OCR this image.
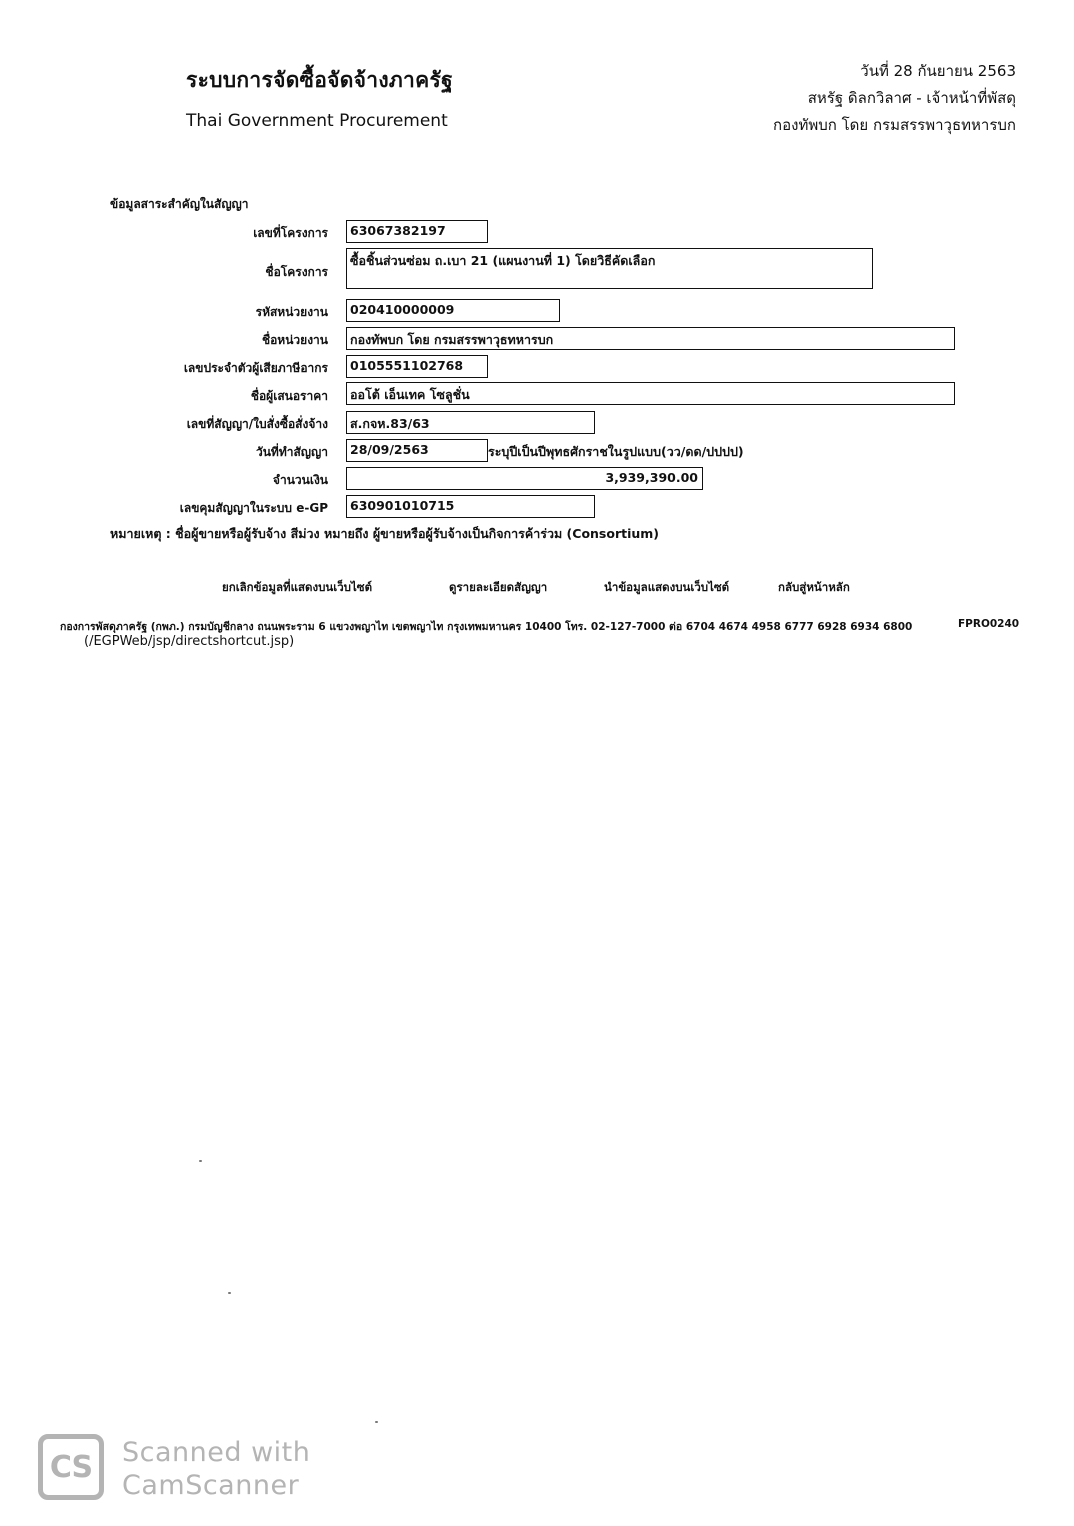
ระบบการจัดซื้อจัดจ้างภาครัฐ
Thai Government Procurement
วันที่ 28 กันยายน 2563
สหรัฐ ดิลกวิลาศ - เจ้าหน้าที่พัสดุ
กองทัพบก โดย กรมสรรพาวุธทหารบก
ข้อมูลสาระสำคัญในสัญญา
เลขที่โครงการ	63067382197
ชื่อโครงการ
ซื้อชิ้นส่วนซ่อม ถ.เบา 21 (แผนงานที่ 1) โดยวิธีคัดเลือก
รหัสหน่วยงาน	020410000009
ชื่อหน่วยงาน	กองทัพบก โดย กรมสรรพาวุธทหารบก
เลขประจำตัวผู้เสียภาษีอากร	0105551102768
ชื่อผู้เสนอราคา	ออโต้ เอ็นเทค โซลูชั่น
เลขที่สัญญา/ใบสั่งซื้อสั่งจ้าง	ส.กจห.83/63
วันที่ทำสัญญา	28/09/2563	ระบุปีเป็นปีพุทธศักราชในรูปแบบ(วว/ดด/ปปปป)
จำนวนเงิน	3,939,390.00
เลขคุมสัญญาในระบบ e-GP	630901010715
หมายเหตุ : ชื่อผู้ขายหรือผู้รับจ้าง สีม่วง หมายถึง ผู้ขายหรือผู้รับจ้างเป็นกิจการค้าร่วม (Consortium)
ยกเลิกข้อมูลที่แสดงบนเว็บไซต์	ดูรายละเอียดสัญญา	นำข้อมูลแสดงบนเว็บไซต์	กลับสู่หน้าหลัก
กองการพัสดุภาครัฐ (กพภ.) กรมบัญชีกลาง ถนนพระราม 6 แขวงพญาไท เขตพญาไท กรุงเทพมหานคร 10400 โทร. 02-127-7000 ต่อ 6704 4674 4958 6777 6928 6934 6800	FPRO0240
(/EGPWeb/jsp/directshortcut.jsp)
CS Scanned with
CamScanner
